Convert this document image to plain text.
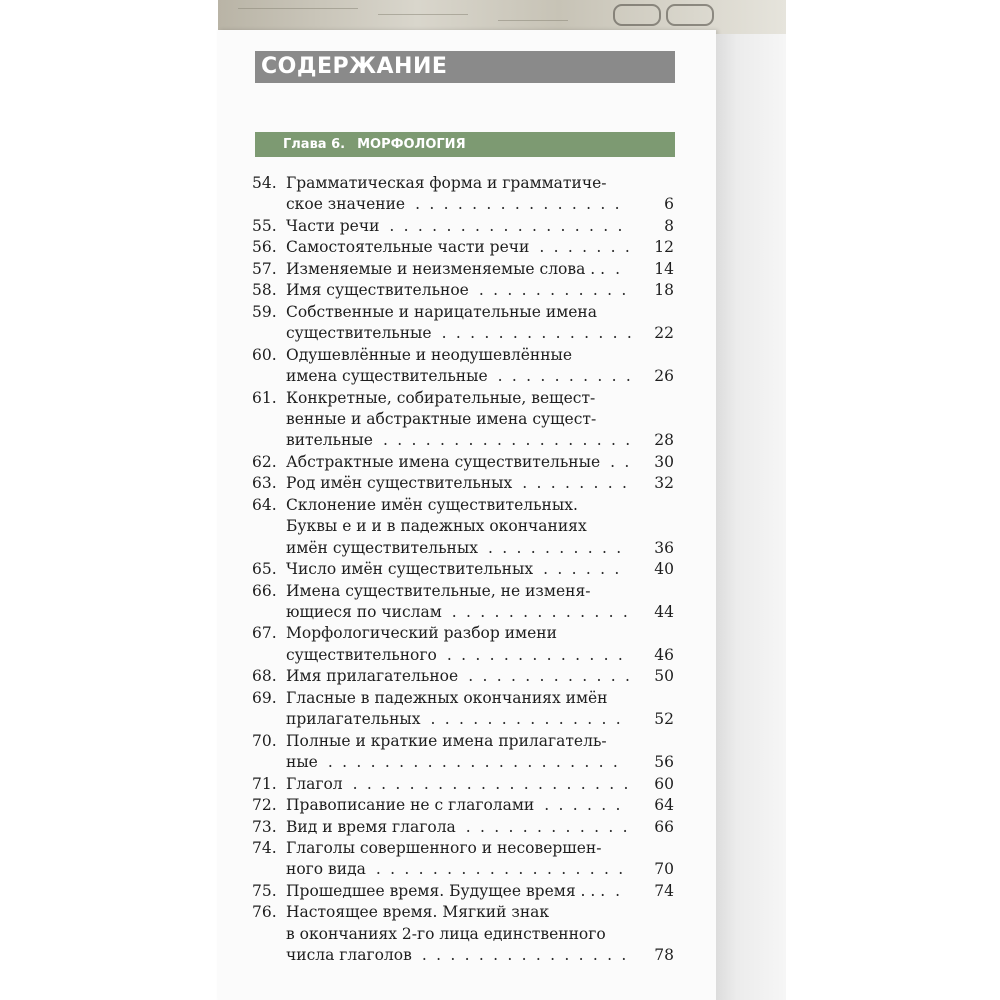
СОДЕРЖАНИЕ
Глава 6. МОРФОЛОГИЯ
54. Грамматическая форма и грамматиче-
ское значение . . . . . . . . . . . . . . .	6
55. Части речи . . . . . . . . . . . . . . . . .	8
56. Самостоятельные части речи . . . . . . .	12
57. Изменяемые и неизменяемые слова . . .	14
58. Имя существительное . . . . . . . . . . .	18
59. Собственные и нарицательные имена
существительные . . . . . . . . . . . . . .	22
60. Одушевлённые и неодушевлённые
имена существительные . . . . . . . . . .	26
61. Конкретные, собирательные, вещест-
венные и абстрактные имена сущест-
вительные . . . . . . . . . . . . . . . . . .	28
62. Абстрактные имена существительные . .	30
63. Род имён существительных . . . . . . . .	32
64. Склонение имён существительных.
Буквы е и и в падежных окончаниях
имён существительных . . . . . . . . . .	36
65. Число имён существительных . . . . . .	40
66. Имена существительные, не изменя-
ющиеся по числам . . . . . . . . . . . . .	44
67. Морфологический разбор имени
существительного . . . . . . . . . . . . .	46
68. Имя прилагательное . . . . . . . . . . . .	50
69. Гласные в падежных окончаниях имён
прилагательных . . . . . . . . . . . . . .	52
70. Полные и краткие имена прилагатель-
ные . . . . . . . . . . . . . . . . . . . . .	56
71. Глагол . . . . . . . . . . . . . . . . . . . .	60
72. Правописание не с глаголами . . . . . .	64
73. Вид и время глагола . . . . . . . . . . . .	66
74. Глаголы совершенного и несовершен-
ного вида . . . . . . . . . . . . . . . . . .	70
75. Прошедшее время. Будущее время . . . .	74
76. Настоящее время. Мягкий знак
в окончаниях 2-го лица единственного
числа глаголов . . . . . . . . . . . . . . .	78
